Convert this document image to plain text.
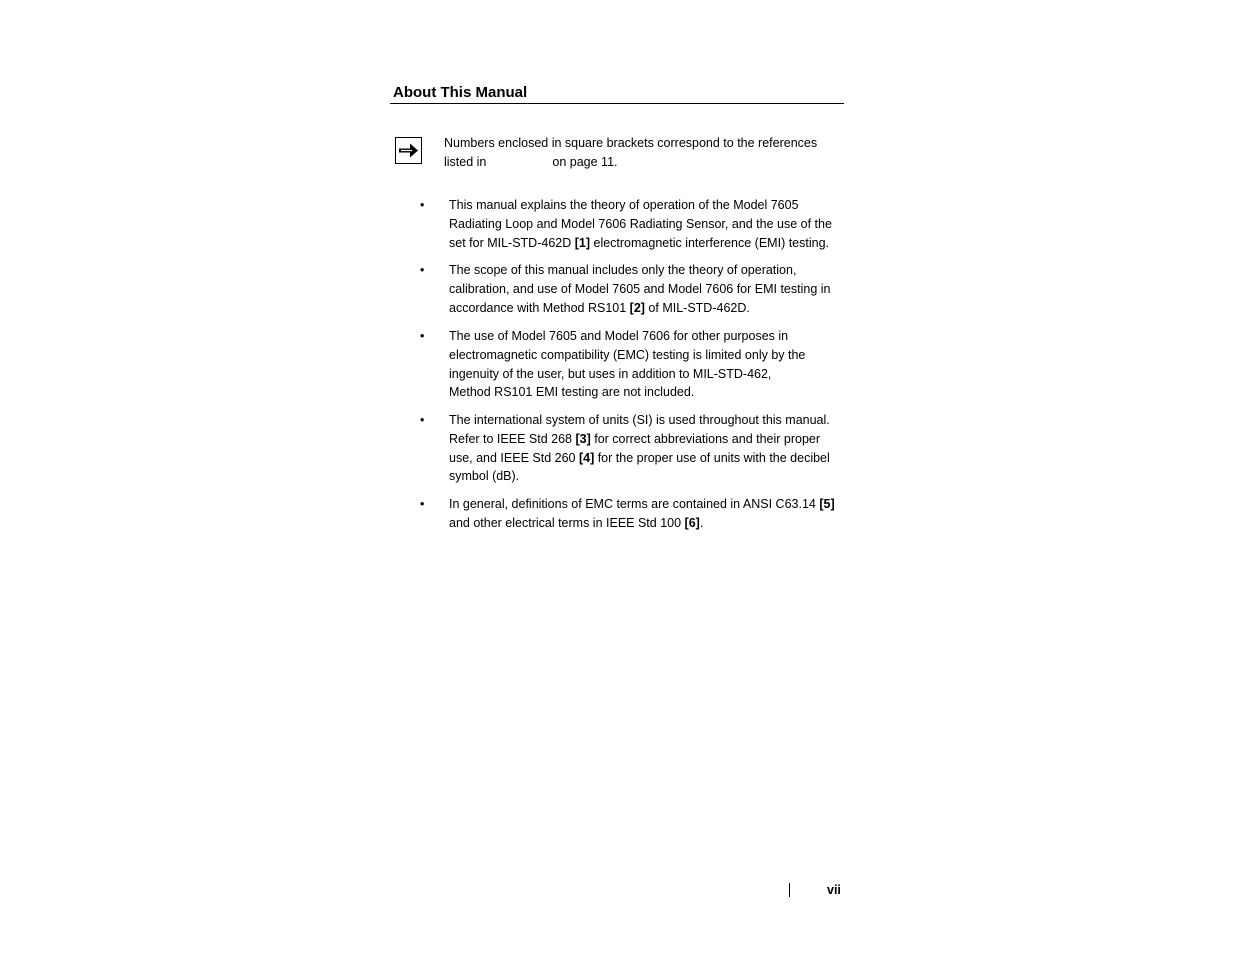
About This Manual
Numbers enclosed in square brackets correspond to the references
listed in	on page 11.
•	This manual explains the theory of operation of the Model 7605
Radiating Loop and Model 7606 Radiating Sensor, and the use of the
set for MIL-STD-462D [1] electromagnetic interference (EMI) testing.
•	The scope of this manual includes only the theory of operation,
calibration, and use of Model 7605 and Model 7606 for EMI testing in
accordance with Method RS101 [2] of MIL-STD-462D.
•	The use of Model 7605 and Model 7606 for other purposes in
electromagnetic compatibility (EMC) testing is limited only by the
ingenuity of the user, but uses in addition to MIL-STD-462,
Method RS101 EMI testing are not included.
•	The international system of units (SI) is used throughout this manual.
Refer to IEEE Std 268 [3] for correct abbreviations and their proper
use, and IEEE Std 260 [4] for the proper use of units with the decibel
symbol (dB).
•	In general, definitions of EMC terms are contained in ANSI C63.14 [5]
and other electrical terms in IEEE Std 100 [6].
vii
